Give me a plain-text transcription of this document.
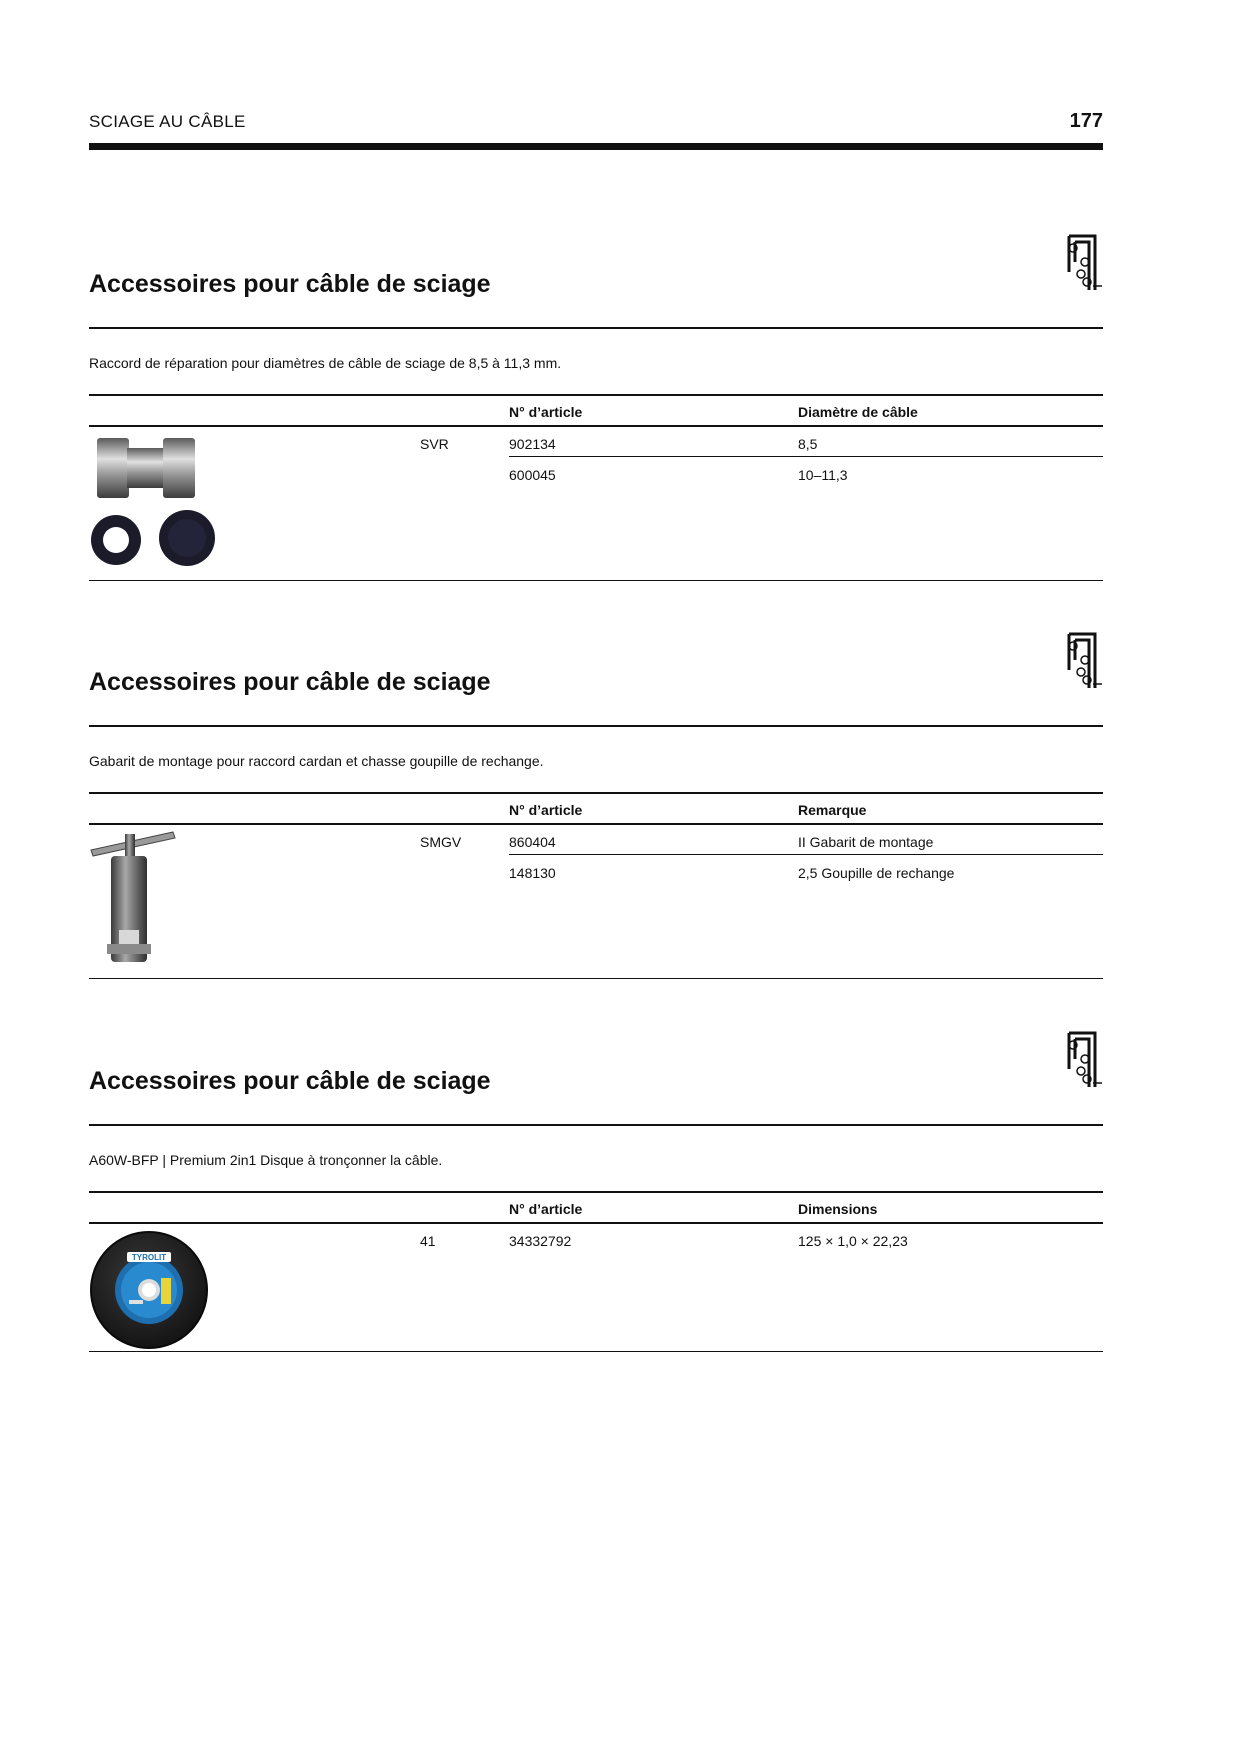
SCIAGE AU CÂBLE	177
Accessoires pour câble de sciage
Raccord de réparation pour diamètres de câble de sciage de 8,5 à 11,3 mm.
N° d’article	Diamètre de câble
SVR	902134	8,5
600045	10–11,3
Accessoires pour câble de sciage
Gabarit de montage pour raccord cardan et chasse goupille de rechange.
N° d’article	Remarque
SMGV	860404	II Gabarit de montage
148130	2,5 Goupille de rechange
Accessoires pour câble de sciage
A60W-BFP | Premium 2in1 Disque à tronçonner la câble.
N° d’article	Dimensions
41	34332792	125 × 1,0 × 22,23
TYROLIT
